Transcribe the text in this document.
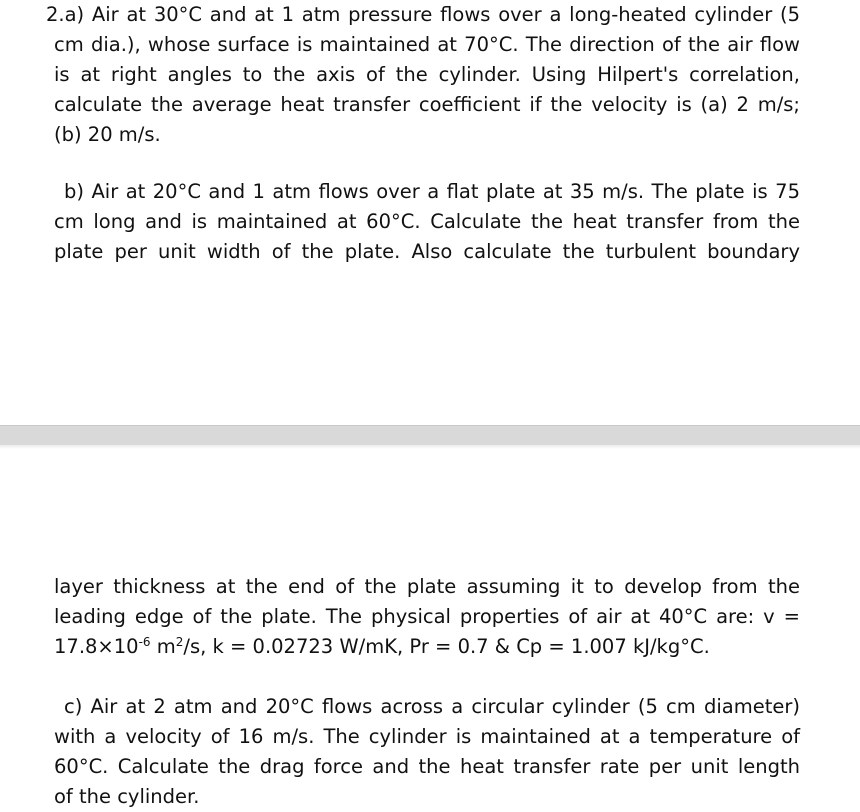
2.a) Air at 30°C and at 1 atm pressure flows over a long-heated cylinder (5
cm dia.), whose surface is maintained at 70°C. The direction of the air flow
is at right angles to the axis of the cylinder. Using Hilpert's correlation,
calculate the average heat transfer coefficient if the velocity is (a) 2 m/s;
(b) 20 m/s.
b) Air at 20°C and 1 atm flows over a flat plate at 35 m/s. The plate is 75
cm long and is maintained at 60°C. Calculate the heat transfer from the
plate per unit width of the plate. Also calculate the turbulent boundary
layer thickness at the end of the plate assuming it to develop from the
leading edge of the plate. The physical properties of air at 40°C are: v =
$17.8\times 10^{-6}$ $m^2/s$, k = 0.02723 W/mK, Pr = 0.7 & Cp = 1.007 kJ/kg°C.
c) Air at 2 atm and 20°C flows across a circular cylinder (5 cm diameter)
with a velocity of 16 m/s. The cylinder is maintained at a temperature of
60°C. Calculate the drag force and the heat transfer rate per unit length
of the cylinder.
